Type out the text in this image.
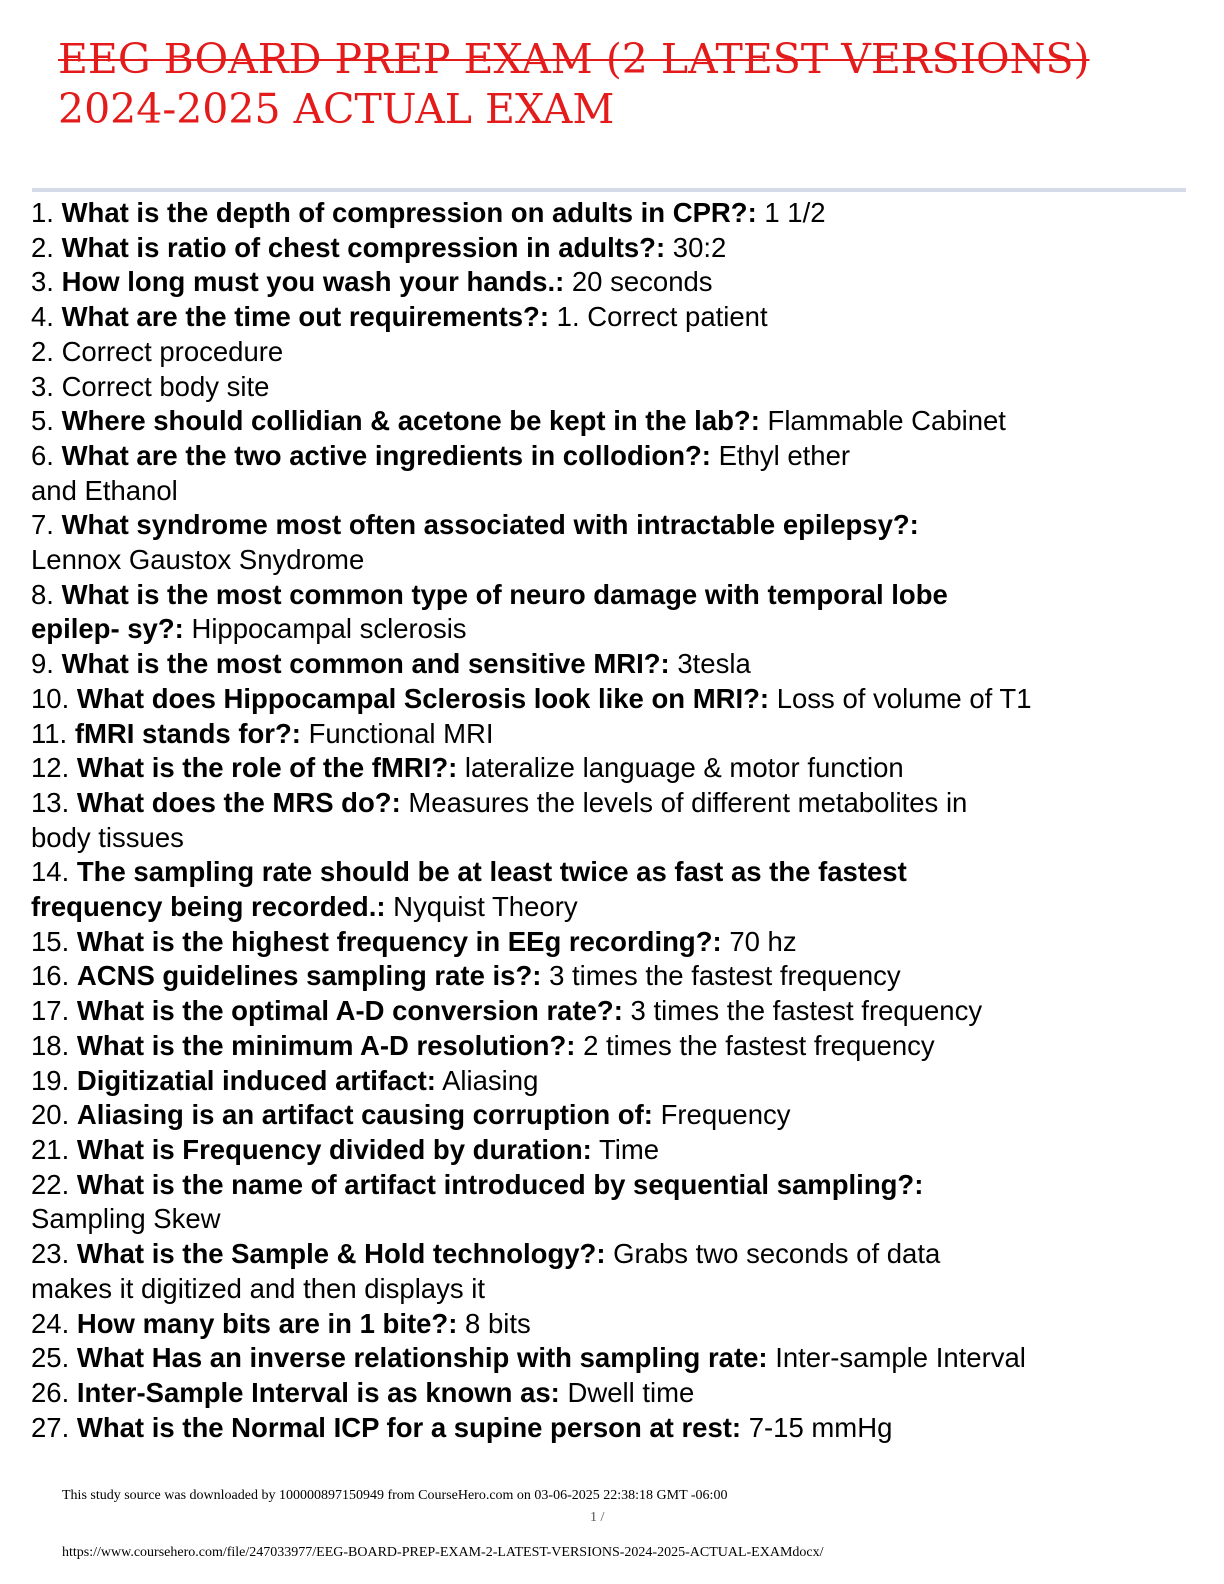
EEG BOARD PREP EXAM (2 LATEST VERSIONS)
2024-2025 ACTUAL EXAM
1. What is the depth of compression on adults in CPR?: 1 1/2
2. What is ratio of chest compression in adults?: 30:2
3. How long must you wash your hands.: 20 seconds
4. What are the time out requirements?: 1. Correct patient
2. Correct procedure
3. Correct body site
5. Where should collidian & acetone be kept in the lab?: Flammable Cabinet
6. What are the two active ingredients in collodion?: Ethyl ether
and Ethanol
7. What syndrome most often associated with intractable epilepsy?:
Lennox Gaustox Snydrome
8. What is the most common type of neuro damage with temporal lobe
epilep- sy?: Hippocampal sclerosis
9. What is the most common and sensitive MRI?: 3tesla
10. What does Hippocampal Sclerosis look like on MRI?: Loss of volume of T1
11. fMRI stands for?: Functional MRI
12. What is the role of the fMRI?: lateralize language & motor function
13. What does the MRS do?: Measures the levels of different metabolites in
body tissues
14. The sampling rate should be at least twice as fast as the fastest
frequency being recorded.: Nyquist Theory
15. What is the highest frequency in EEg recording?: 70 hz
16. ACNS guidelines sampling rate is?: 3 times the fastest frequency
17. What is the optimal A-D conversion rate?: 3 times the fastest frequency
18. What is the minimum A-D resolution?: 2 times the fastest frequency
19. Digitizatial induced artifact: Aliasing
20. Aliasing is an artifact causing corruption of: Frequency
21. What is Frequency divided by duration: Time
22. What is the name of artifact introduced by sequential sampling?:
Sampling Skew
23. What is the Sample & Hold technology?: Grabs two seconds of data
makes it digitized and then displays it
24. How many bits are in 1 bite?: 8 bits
25. What Has an inverse relationship with sampling rate: Inter-sample Interval
26. Inter-Sample Interval is as known as: Dwell time
27. What is the Normal ICP for a supine person at rest: 7-15 mmHg
This study source was downloaded by 100000897150949 from CourseHero.com on 03-06-2025 22:38:18 GMT -06:00
1 /
https://www.coursehero.com/file/247033977/EEG-BOARD-PREP-EXAM-2-LATEST-VERSIONS-2024-2025-ACTUAL-EXAMdocx/
